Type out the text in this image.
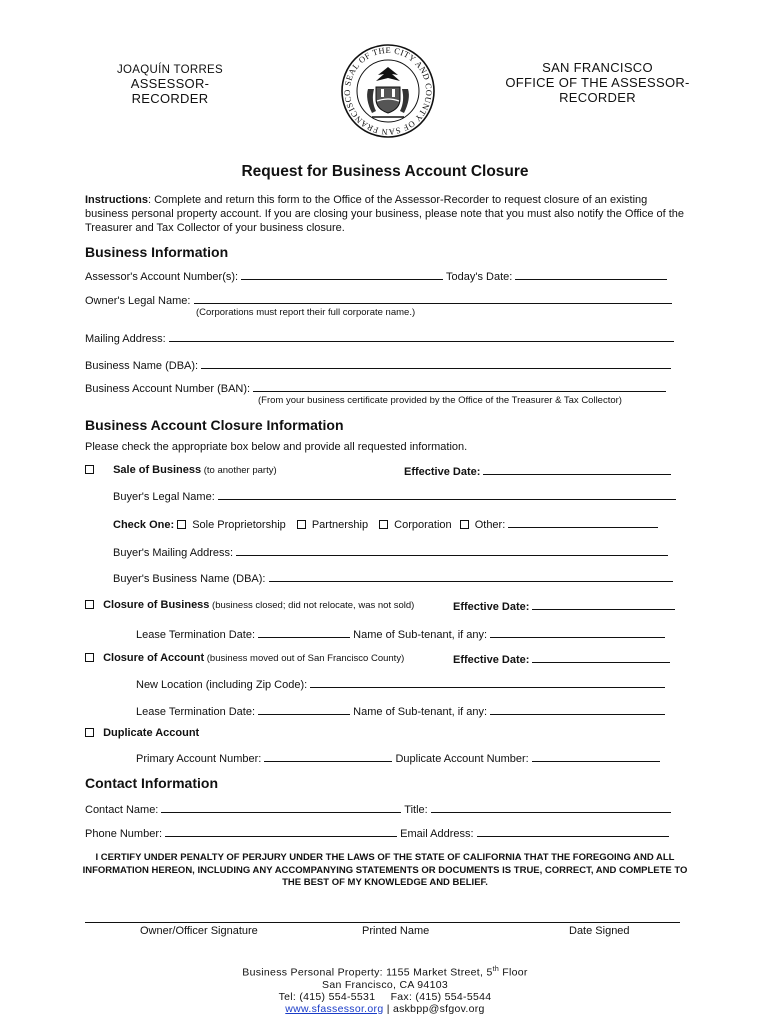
JOAQUÍN TORRES
ASSESSOR-RECORDER
SEAL OF THE CITY AND COUNTY OF SAN FRANCISCO
SAN FRANCISCO
OFFICE OF THE ASSESSOR-RECORDER
Request for Business Account Closure
Instructions: Complete and return this form to the Office of the Assessor-Recorder to request closure of an existing business personal property account. If you are closing your business, please note that you must also notify the Office of the Treasurer and Tax Collector of your business closure.
Business Information
Assessor's Account Number(s):	Today's Date:
Owner's Legal Name:
(Corporations must report their full corporate name.)
Mailing Address:
Business Name (DBA):
Business Account Number (BAN):
(From your business certificate provided by the Office of the Treasurer & Tax Collector)
Business Account Closure Information
Please check the appropriate box below and provide all requested information.
Sale of Business (to another party)	Effective Date:
Buyer's Legal Name:
Check One: Sole Proprietorship Partnership Corporation Other:
Buyer's Mailing Address:
Buyer's Business Name (DBA):
Closure of Business (business closed; did not relocate, was not sold)	Effective Date:
Lease Termination Date:	Name of Sub-tenant, if any:
Closure of Account (business moved out of San Francisco County)	Effective Date:
New Location (including Zip Code):
Lease Termination Date:	Name of Sub-tenant, if any:
Duplicate Account
Primary Account Number:	Duplicate Account Number:
Contact Information
Contact Name:	Title:
Phone Number:	Email Address:
I CERTIFY UNDER PENALTY OF PERJURY UNDER THE LAWS OF THE STATE OF CALIFORNIA THAT THE FOREGOING AND ALL INFORMATION HEREON, INCLUDING ANY ACCOMPANYING STATEMENTS OR DOCUMENTS IS TRUE, CORRECT, AND COMPLETE TO THE BEST OF MY KNOWLEDGE AND BELIEF.
Owner/Officer Signature	Printed Name	Date Signed
Business Personal Property: 1155 Market Street, 5th Floor
San Francisco, CA 94103
Tel: (415) 554-5531 Fax: (415) 554-5544
www.sfassessor.org | askbpp@sfgov.org
